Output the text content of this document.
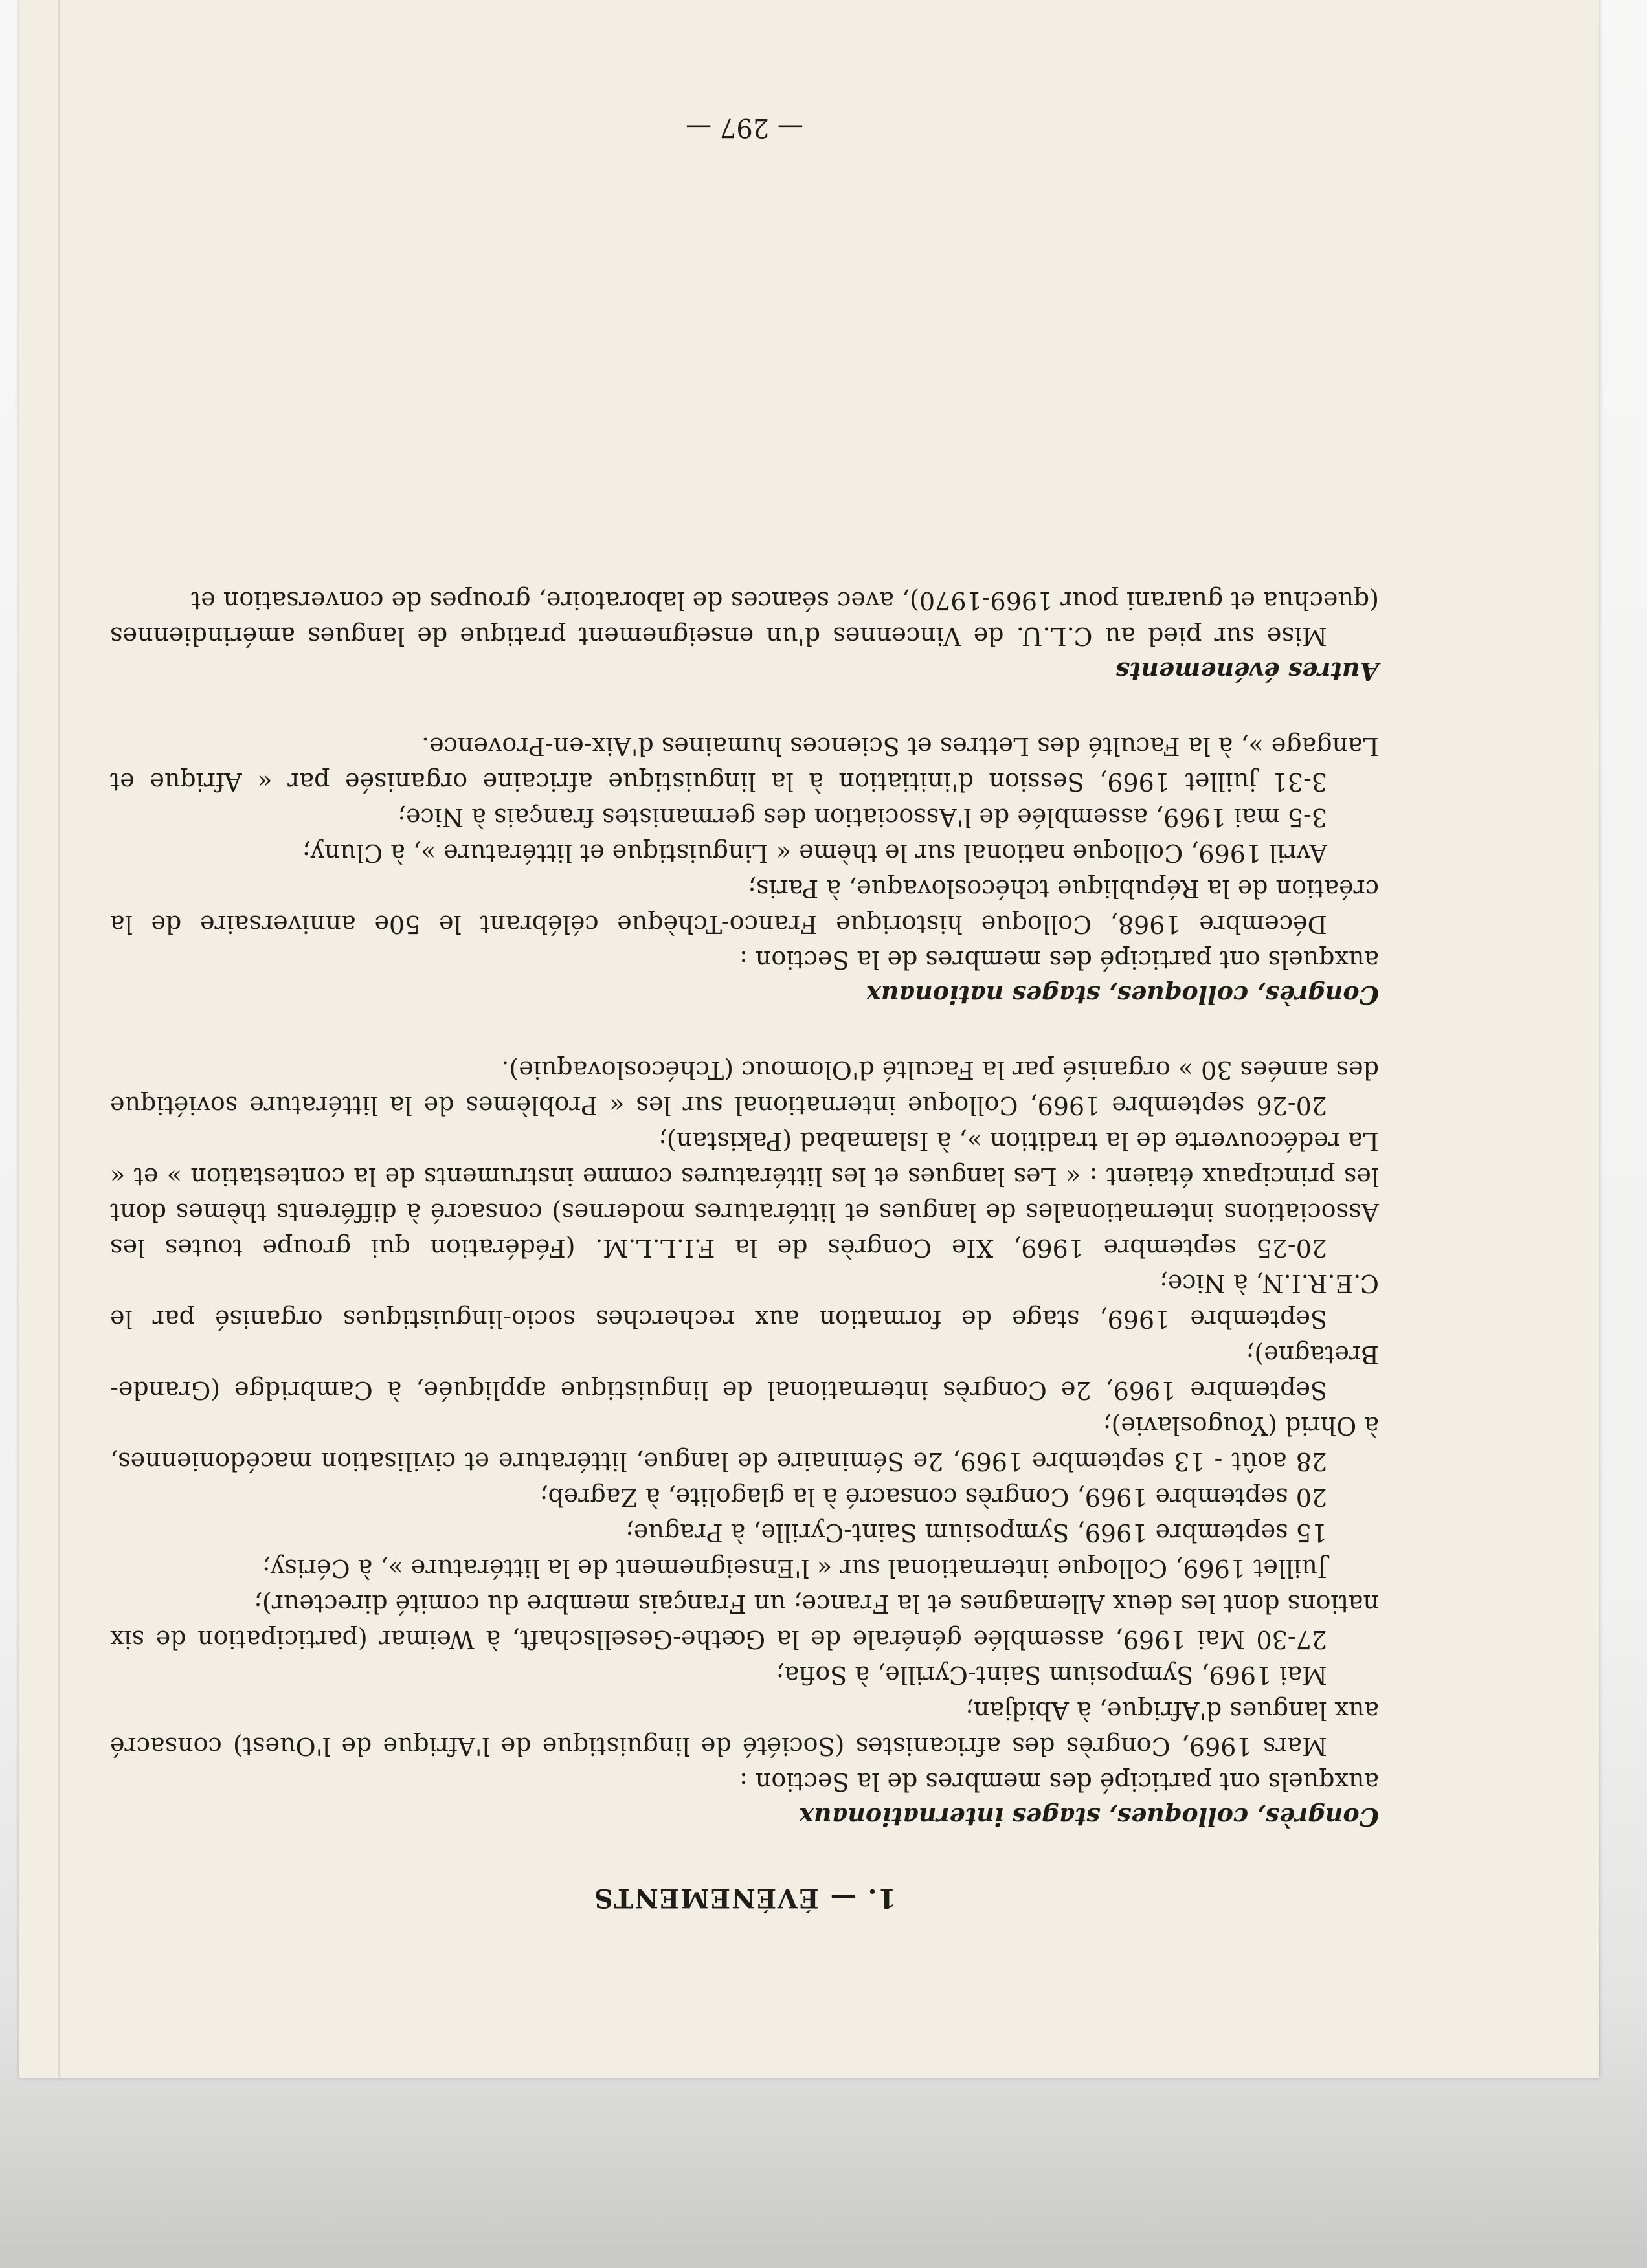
1. — ÉVÉNEMENTS

Congrès, colloques, stages internationaux

auxquels ont participé des membres de la Section :

Mars 1969, Congrès des africanistes (Société de linguistique de l'Afrique de l'Ouest) consacré aux langues d'Afrique, à Abidjan;

Mai 1969, Symposium Saint-Cyrille, à Sofia;

27-30 Mai 1969, assemblée générale de la Gœthe-Gesellschaft, à Weimar (participation de six nations dont les deux Allemagnes et la France; un Français membre du comité directeur);

Juillet 1969, Colloque international sur « l'Enseignement de la littérature », à Cérisy;

15 septembre 1969, Symposium Saint-Cyrille, à Prague;

20 septembre 1969, Congrès consacré à la glagolite, à Zagreb;

28 août - 13 septembre 1969, 2e Séminaire de langue, littérature et civilisation macédoniennes, à Ohrid (Yougoslavie);

Septembre 1969, 2e Congrès international de linguistique appliquée, à Cambridge (Grande-Bretagne);

Septembre 1969, stage de formation aux recherches socio-linguistiques organisé par le C.E.R.I.N, à Nice;

20-25 septembre 1969, XIe Congrès de la F.I.L.L.M. (Fédération qui groupe toutes les Associations internationales de langues et littératures modernes) consacré à différents thèmes dont les principaux étaient : « Les langues et les littératures comme instruments de la contestation » et « La redécouverte de la tradition », à Islamabad (Pakistan);

20-26 septembre 1969, Colloque international sur les « Problèmes de la littérature soviétique des années 30 » organisé par la Faculté d'Olomouc (Tchécoslovaquie).

Congrès, colloques, stages nationaux

auxquels ont participé des membres de la Section :

Décembre 1968, Colloque historique Franco-Tchèque célébrant le 50e anniversaire de la création de la République tchécoslovaque, à Paris;

Avril 1969, Colloque national sur le thème « Linguistique et littérature », à Cluny;

3-5 mai 1969, assemblée de l'Association des germanistes français à Nice;

3-31 juillet 1969, Session d'initiation à la linguistique africaine organisée par « Afrique et Langage », à la Faculté des Lettres et Sciences humaines d'Aix-en-Provence.

Autres événements

Mise sur pied au C.L.U. de Vincennes d'un enseignement pratique de langues amérindiennes (quechua et guarani pour 1969-1970), avec séances de laboratoire, groupes de conversation et

— 297 —
